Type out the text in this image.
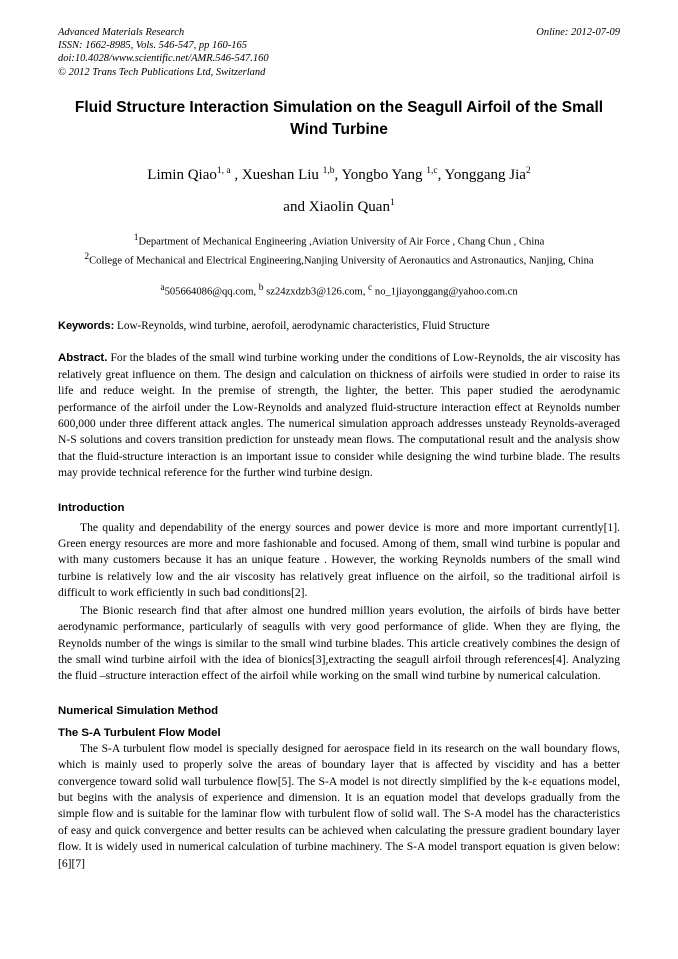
Advanced Materials Research
ISSN: 1662-8985, Vols. 546-547, pp 160-165
doi:10.4028/www.scientific.net/AMR.546-547.160
© 2012 Trans Tech Publications Ltd, Switzerland
Online: 2012-07-09
Fluid Structure Interaction Simulation on the Seagull Airfoil of the Small Wind Turbine
Limin Qiao$^{1, a}$ , Xueshan Liu $^{1,b}$, Yongbo Yang $^{1,c}$, Yonggang Jia$^2$
and Xiaolin Quan$^1$
$^1$Department of Mechanical Engineering ,Aviation University of Air Force , Chang Chun , China
$^2$College of Mechanical and Electrical Engineering,Nanjing University of Aeronautics and Astronautics, Nanjing, China
$^a$505664086@qq.com, $^b$ sz24zxdzb3@126.com, $^c$ no_1jiayonggang@yahoo.com.cn
Keywords: Low-Reynolds, wind turbine, aerofoil, aerodynamic characteristics, Fluid Structure
Abstract. For the blades of the small wind turbine working under the conditions of Low-Reynolds, the air viscosity has relatively great influence on them. The design and calculation on thickness of airfoils were studied in order to raise its life and reduce weight. In the premise of strength, the lighter, the better. This paper studied the aerodynamic performance of the airfoil under the Low-Reynolds and analyzed fluid-structure interaction effect at Reynolds number 600,000 under three different attack angles. The numerical simulation approach addresses unsteady Reynolds-averaged N-S solutions and covers transition prediction for unsteady mean flows. The computational result and the analysis show that the fluid-structure interaction is an important issue to consider while designing the wind turbine blade. The results may provide technical reference for the further wind turbine design.
Introduction

The quality and dependability of the energy sources and power device is more and more important currently[1]. Green energy resources are more and more fashionable and focused. Among of them, small wind turbine is popular and with many customers because it has an unique feature . However, the working Reynolds numbers of the small wind turbine is relatively low and the air viscosity has relatively great influence on the airfoil, so the traditional airfoil is difficult to work efficiently in such bad conditions[2].

The Bionic research find that after almost one hundred million years evolution, the airfoils of birds have better aerodynamic performance, particularly of seagulls with very good performance of glide. When they are flying, the Reynolds number of the wings is similar to the small wind turbine blades. This article creatively combines the design of the small wind turbine airfoil with the idea of bionics[3],extracting the seagull airfoil through references[4]. Analyzing the fluid –structure interaction effect of the airfoil while working on the small wind turbine by numerical calculation.

Numerical Simulation Method
The S-A Turbulent Flow Model

The S-A turbulent flow model is specially designed for aerospace field in its research on the wall boundary flows, which is mainly used to properly solve the areas of boundary layer that is affected by viscidity and has a better convergence toward solid wall turbulence flow[5]. The S-A model is not directly simplified by the k-ε equations model, but begins with the analysis of experience and dimension. It is an equation model that develops gradually from the simple flow and is suitable for the laminar flow with turbulent flow of solid wall. The S-A model has the characteristics of easy and quick convergence and better results can be achieved when calculating the pressure gradient boundary layer flow. It is widely used in numerical calculation of turbine machinery. The S-A model transport equation is given below: [6][7]
